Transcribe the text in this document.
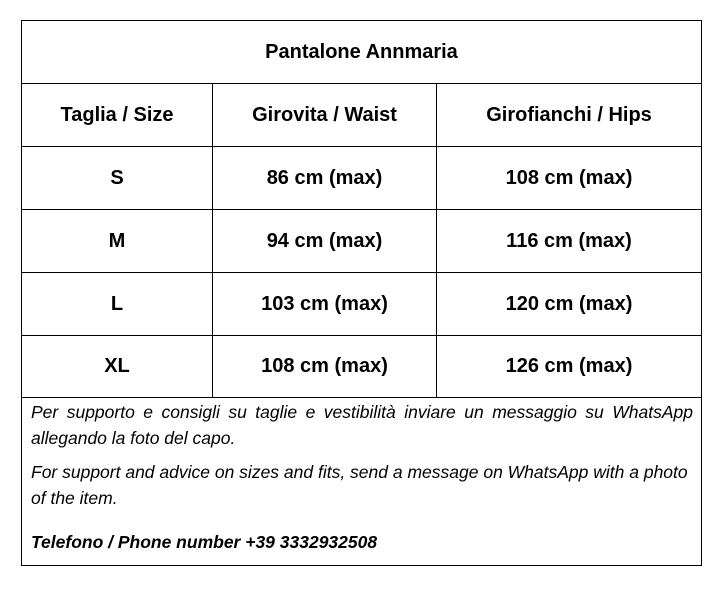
Pantalone Annmaria
Taglia / Size	Girovita / Waist	Girofianchi / Hips
S	86 cm (max)	108 cm (max)
M	94 cm (max)	116 cm (max)
L	103 cm (max)	120 cm (max)
XL	108 cm (max)	126 cm (max)

Per supporto e consigli su taglie e vestibilità inviare un messaggio su WhatsApp allegando la foto del capo.

For support and advice on sizes and fits, send a message on WhatsApp with a photo of the item.

Telefono / Phone number +39 3332932508
